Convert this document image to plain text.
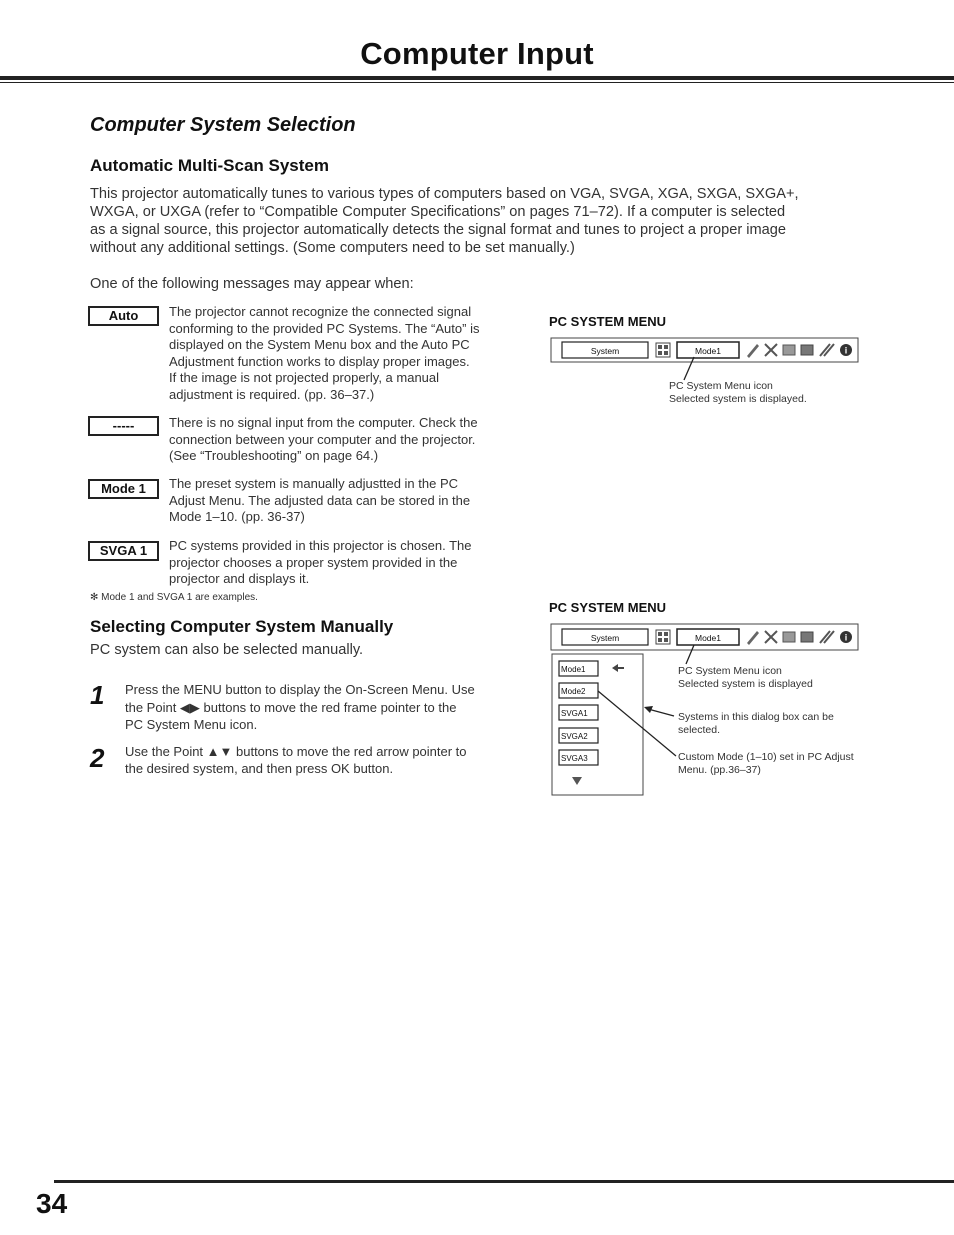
Computer Input
Computer System Selection
Automatic Multi-Scan System
This projector automatically tunes to various types of computers based on VGA, SVGA, XGA, SXGA, SXGA+,
WXGA, or UXGA (refer to “Compatible Computer Specifications” on pages 71–72). If a computer is selected
as a signal source, this projector automatically detects the signal format and tunes to project a proper image
without any additional settings. (Some computers need to be set manually.)
One of the following messages may appear when:
Auto	The projector cannot recognize the connected signal
conforming to the provided PC Systems. The “Auto” is
displayed on the System Menu box and the Auto PC
Adjustment function works to display proper images.
If the image is not projected properly, a manual
adjustment is required. (pp. 36–37.)
-----	There is no signal input from the computer. Check the
connection between your computer and the projector.
(See “Troubleshooting” on page 64.)
Mode 1	The preset system is manually adjustted in the PC
Adjust Menu. The adjusted data can be stored in the
Mode 1–10. (pp. 36-37)
SVGA 1	PC systems provided in this projector is chosen. The
projector chooses a proper system provided in the
projector and displays it.
✻ Mode 1 and SVGA 1 are examples.
Selecting Computer System Manually
PC system can also be selected manually.
1 Press the MENU button to display the On-Screen Menu. Use
the Point ◀▶ buttons to move the red frame pointer to the
PC System Menu icon.
2 Use the Point ▲▼ buttons to move the red arrow pointer to
the desired system, and then press OK button.
PC SYSTEM MENU
System	Mode1	i
System	Mode1	i
Mode1
Mode2
SVGA1
SVGA2
SVGA3
PC System Menu icon
Selected system is displayed.
PC SYSTEM MENU
PC System Menu icon
Selected system is displayed
Systems in this dialog box can be
selected.
Custom Mode (1–10) set in PC Adjust
Menu. (pp.36–37)
34
